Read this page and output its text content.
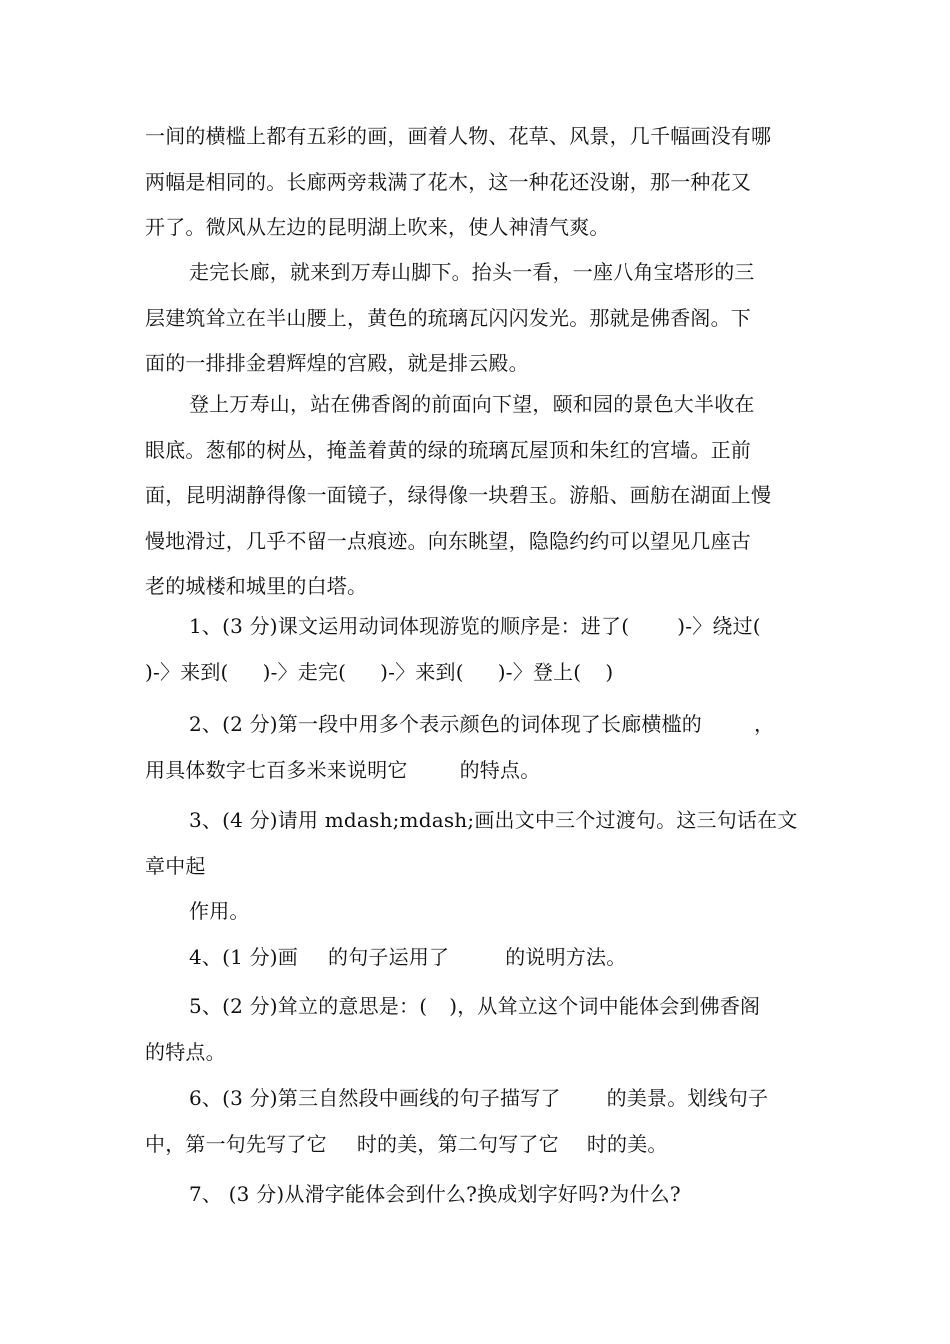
一间的横槛上都有五彩的画，画着人物、花草、风景，几千幅画没有哪
两幅是相同的。长廊两旁栽满了花木，这一种花还没谢，那一种花又
开了。微风从左边的昆明湖上吹来，使人神清气爽。
走完长廊，就来到万寿山脚下。抬头一看，一座八角宝塔形的三
层建筑耸立在半山腰上，黄色的琉璃瓦闪闪发光。那就是佛香阁。下
面的一排排金碧辉煌的宫殿，就是排云殿。
登上万寿山，站在佛香阁的前面向下望，颐和园的景色大半收在
眼底。葱郁的树丛，掩盖着黄的绿的琉璃瓦屋顶和朱红的宫墙。正前
面，昆明湖静得像一面镜子，绿得像一块碧玉。游船、画舫在湖面上慢
慢地滑过，几乎不留一点痕迹。向东眺望，隐隐约约可以望见几座古
老的城楼和城里的白塔。
1、(3 分)课文运用动词体现游览的顺序是：进了( )-〉绕过(
)-〉来到( )-〉走完( )-〉来到( )-〉登上( )
2、(2 分)第一段中用多个表示颜色的词体现了长廊横槛的	，
用具体数字七百多米来说明它	的特点。
3、(4 分)请用 mdash;mdash;画出文中三个过渡句。这三句话在文
章中起
作用。
4、(1 分)画 的句子运用了	的说明方法。
5、(2 分)耸立的意思是：( )，从耸立这个词中能体会到佛香阁
的特点。
6、(3 分)第三自然段中画线的句子描写了 的美景。划线句子
中，第一句先写了它 时的美，第二句写了它 时的美。
7、 (3 分)从滑字能体会到什么?换成划字好吗?为什么?
